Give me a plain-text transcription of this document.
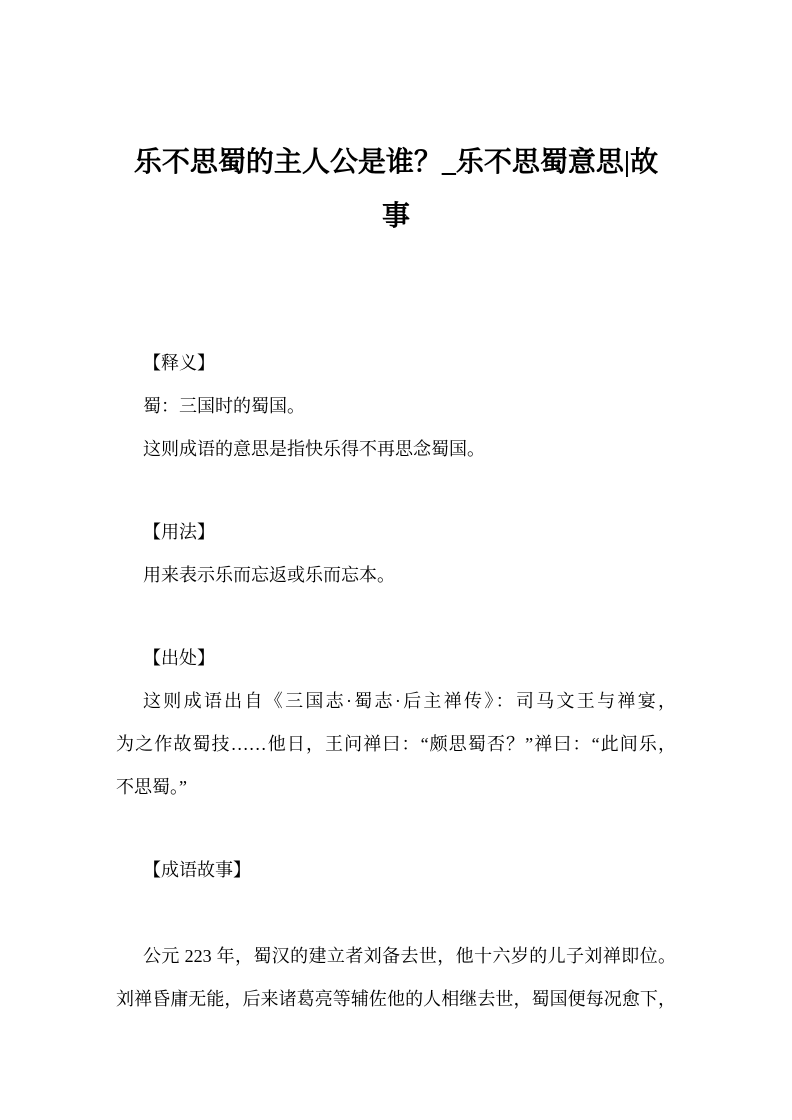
乐不思蜀的主人公是谁？_乐不思蜀意思|故
事
【释义】
蜀：三国时的蜀国。
这则成语的意思是指快乐得不再思念蜀国。
【用法】
用来表示乐而忘返或乐而忘本。
【出处】
这则成语出自《三国志·蜀志·后主禅传》：司马文王与禅宴，
为之作故蜀技……他日，王问禅曰：“颇思蜀否？”禅曰：“此间乐，
不思蜀。”
【成语故事】
公元 223 年，蜀汉的建立者刘备去世，他十六岁的儿子刘禅即位。
刘禅昏庸无能，后来诸葛亮等辅佐他的人相继去世，蜀国便每况愈下，
